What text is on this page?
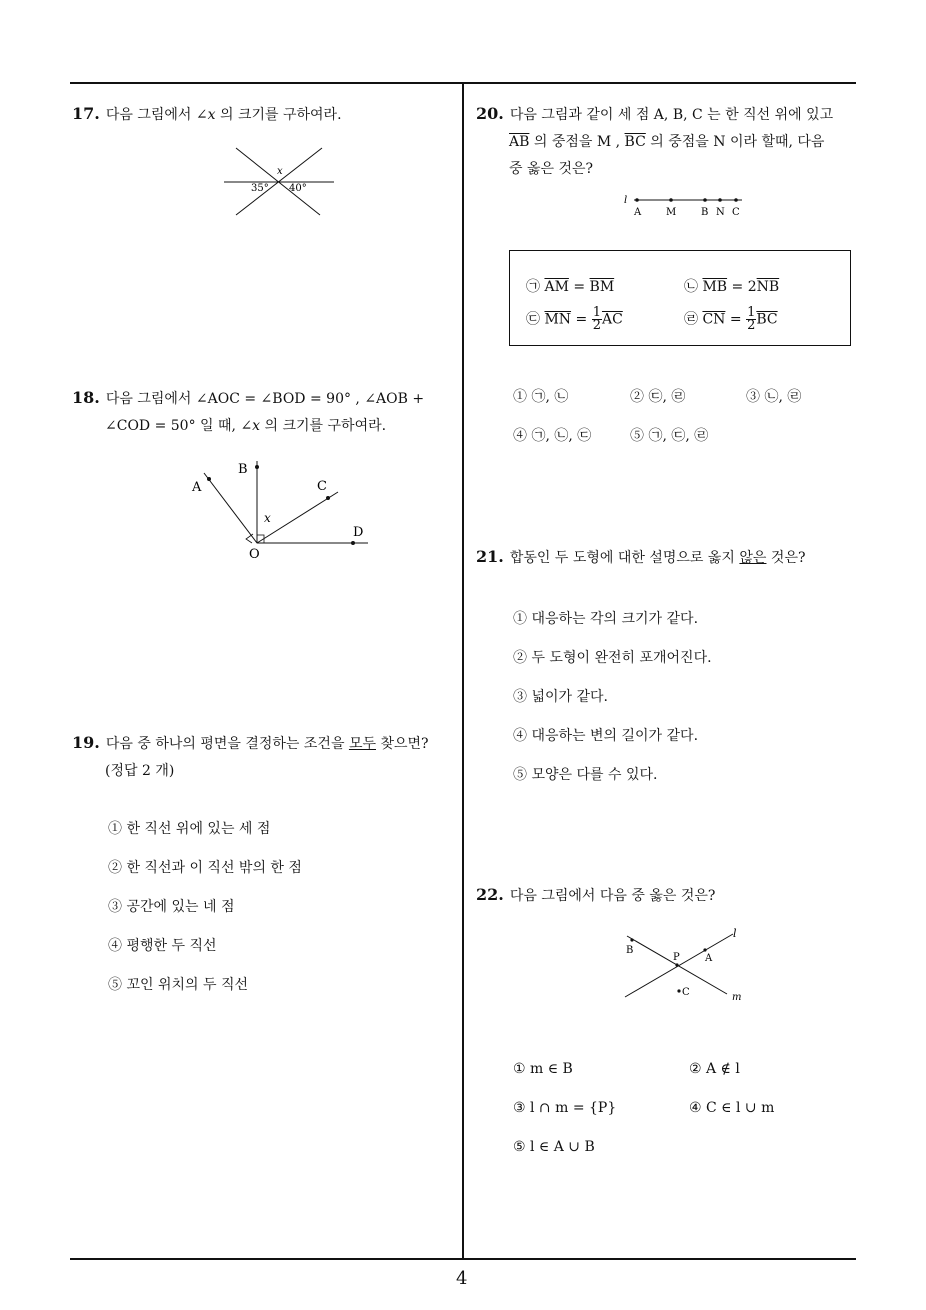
4
17. 다음 그림에서 ∠x 의 크기를 구하여라.
x
35° 40°
18. 다음 그림에서 ∠AOC = ∠BOD = 90° , ∠AOB +
∠COD = 50° 일 때, ∠x 의 크기를 구하여라.
A
B
C
D
O
x
19. 다음 중 하나의 평면을 결정하는 조건을 모두 찾으면?
(정답 2 개)
① 한 직선 위에 있는 세 점
② 한 직선과 이 직선 밖의 한 점
③ 공간에 있는 네 점
④ 평행한 두 직선
⑤ 꼬인 위치의 두 직선
20. 다음 그림과 같이 세 점 A, B, C 는 한 직선 위에 있고
$\overline{AB}$ 의 중점을 M , $\overline{BC}$ 의 중점을 N 이라 할때, 다음
중 옳은 것은?
l
A M B N C
㉠ $\overline{AM} = \overline{BM}$	㉡ $\overline{MB} = 2\overline{NB}$
㉢ $\overline{MN} = \frac{1}{2} \overline{AC}$	㉣ $\overline{CN} = \frac{1}{2} \overline{BC}$
① ㉠, ㉡	② ㉢, ㉣	③ ㉡, ㉣
④ ㉠, ㉡, ㉢	⑤ ㉠, ㉢, ㉣
21. 합동인 두 도형에 대한 설명으로 옳지 않은 것은?
① 대응하는 각의 크기가 같다.
② 두 도형이 완전히 포개어진다.
③ 넓이가 같다.
④ 대응하는 변의 길이가 같다.
⑤ 모양은 다를 수 있다.
22. 다음 그림에서 다음 중 옳은 것은?
l
m
B
P	A
C
① m ∈ B	② A ∉ l
③ l ∩ m = {P}	④ C ∈ l ∪ m
⑤ l ∈ A ∪ B
